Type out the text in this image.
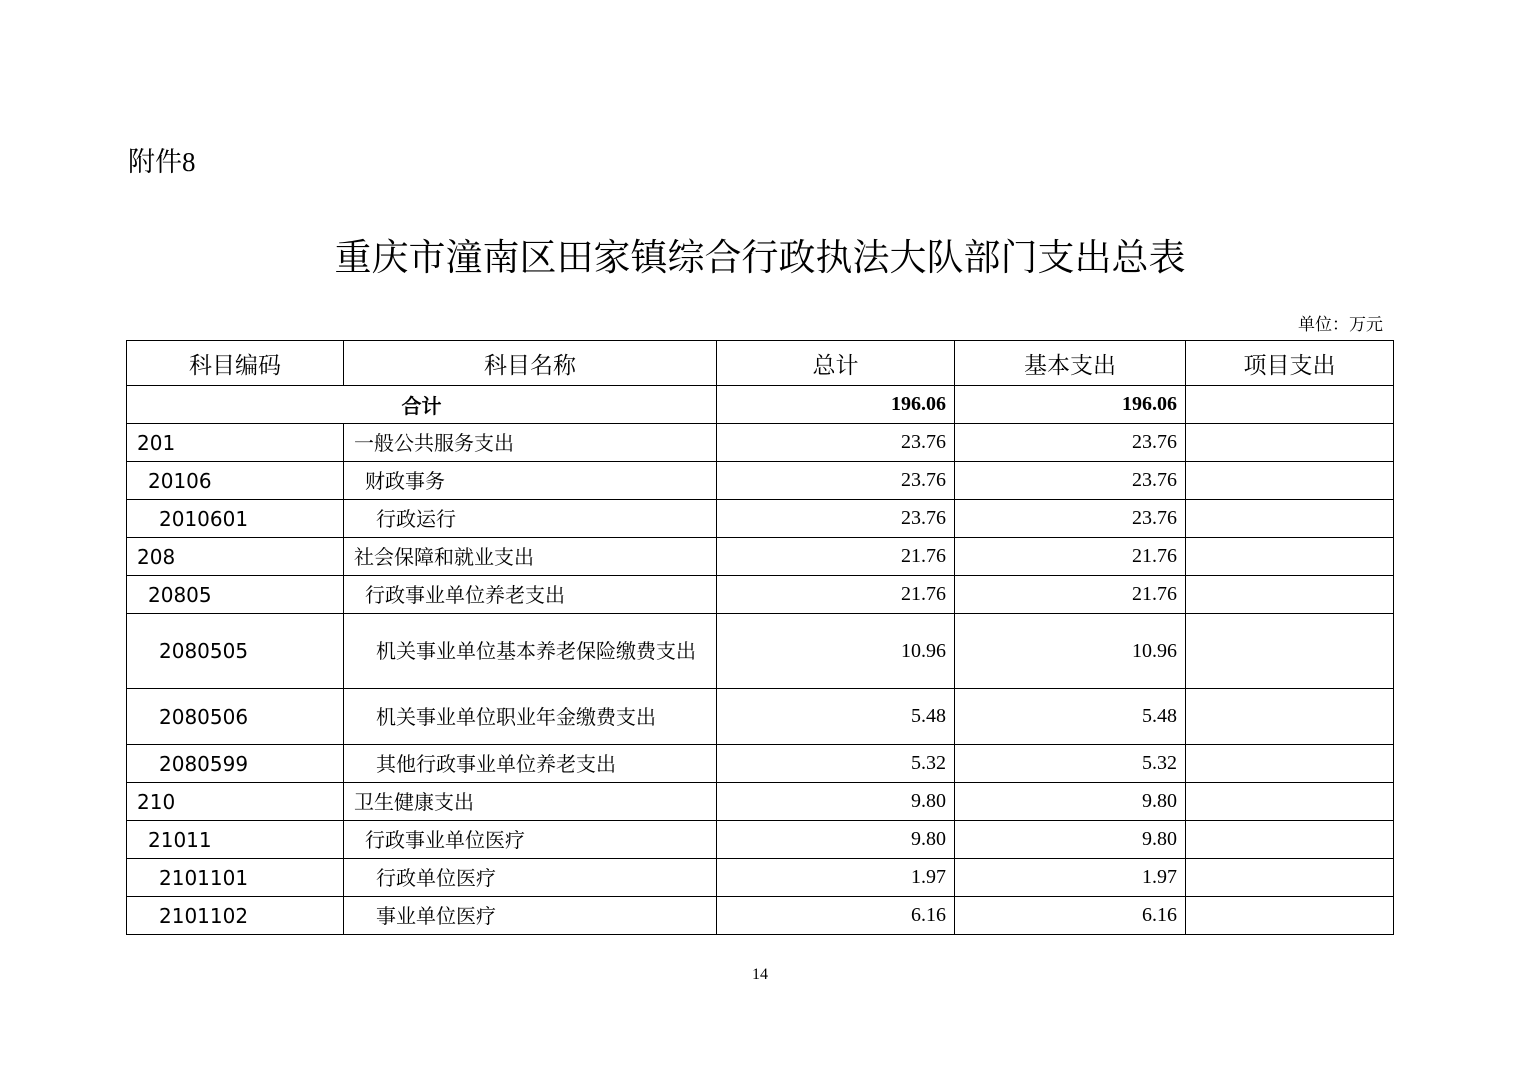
附件8
重庆市潼南区田家镇综合行政执法大队部门支出总表
单位：万元
科目编码	科目名称	总计	基本支出	项目支出
合计		196.06	196.06	
201	一般公共服务支出	23.76	23.76	
20106	财政事务	23.76	23.76	
2010601	行政运行	23.76	23.76	
208	社会保障和就业支出	21.76	21.76	
20805	行政事业单位养老支出	21.76	21.76	
2080505	机关事业单位基本养老保险缴费支出	10.96	10.96	
2080506	机关事业单位职业年金缴费支出	5.48	5.48	
2080599	其他行政事业单位养老支出	5.32	5.32	
210	卫生健康支出	9.80	9.80	
21011	行政事业单位医疗	9.80	9.80	
2101101	行政单位医疗	1.97	1.97	
2101102	事业单位医疗	6.16	6.16	
14
